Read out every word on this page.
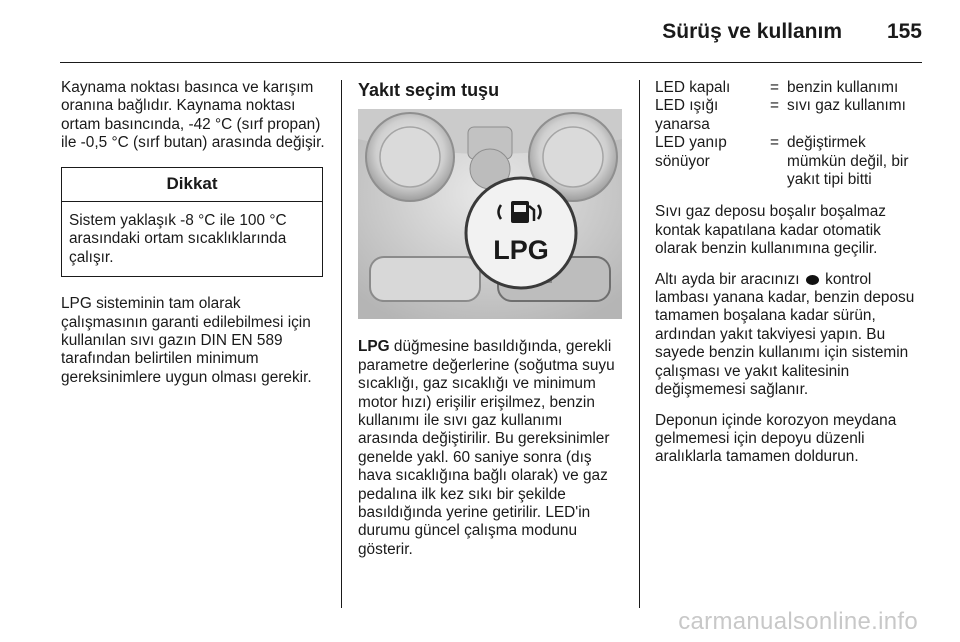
Sürüş ve kullanım 155

Kaynama noktası basınca ve karışım oranına bağlıdır. Kaynama noktası ortam basıncında, -42 °C (sırf propan) ile -0,5 °C (sırf butan) arasında değişir.

Dikkat
Sistem yaklaşık -8 °C ile 100 °C arasındaki ortam sıcaklıklarında çalışır.

LPG sisteminin tam olarak çalışmasının garanti edilebilmesi için kullanılan sıvı gazın DIN EN 589 tarafından belirtilen minimum gereksinimlere uygun olması gerekir.

Yakıt seçim tuşu
LPG

LPG düğmesine basıldığında, gerekli parametre değerlerine (soğutma suyu sıcaklığı, gaz sıcaklığı ve minimum motor hızı) erişilir erişilmez, benzin kullanımı ile sıvı gaz kullanımı arasında değiştirilir. Bu gereksinimler genelde yakl. 60 saniye sonra (dış hava sıcaklığına bağlı olarak) ve gaz pedalına ilk kez sıkı bir şekilde basıldığında yerine getirilir. LED'in durumu güncel çalışma modunu gösterir.

LED kapalı	=	benzin kullanımı
LED ışığı yanarsa	=	sıvı gaz kullanımı
LED yanıp sönüyor	=	değiştirmek mümkün değil, bir yakıt tipi bitti

Sıvı gaz deposu boşalır boşalmaz kontak kapatılana kadar otomatik olarak benzin kullanımına geçilir.

Altı ayda bir aracınızı kontrol lambası yanana kadar, benzin deposu tamamen boşalana kadar sürün, ardından yakıt takviyesi yapın. Bu sayede benzin kullanımı için sistemin çalışması ve yakıt kalitesinin değişmemesi sağlanır.

Deponun içinde korozyon meydana gelmemesi için depoyu düzenli aralıklarla tamamen doldurun.

carmanualsonline.info
